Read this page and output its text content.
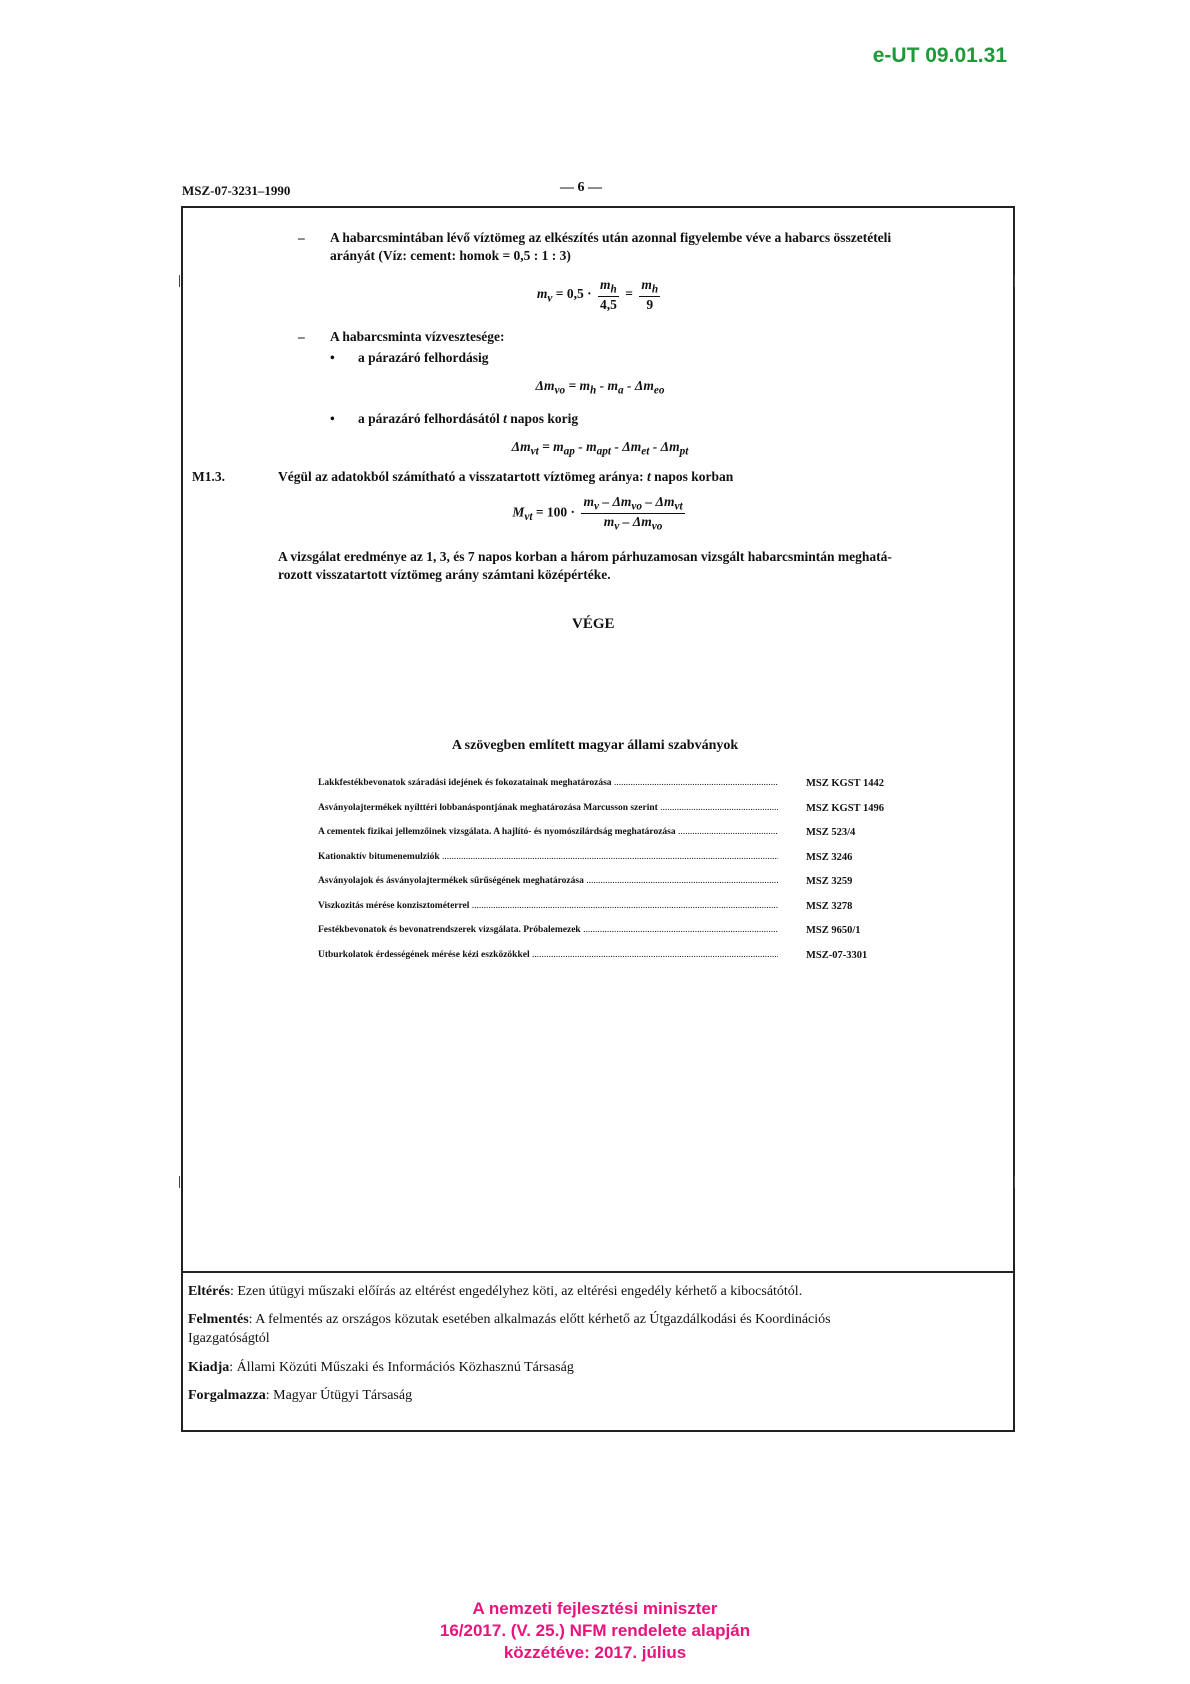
e-UT 09.01.31
MSZ-07-3231–1990	— 6 —
–	A habarcsmintában lévő víztömeg az elkészítés után azonnal figyelembe véve a habarcs összetételi
arányát (Víz: cement: homok = 0,5 : 1 : 3)
$m_v = 0,5 \cdot \frac{m_h}{4,5} = \frac{m_h}{9}$
–	A habarcsminta vízvesztesége:
•	a párazáró felhordásig
$\Delta m_{vo} = m_h - m_a - \Delta m_{eo}$
•	a párazáró felhordásától t napos korig
$\Delta m_{vt} = m_{ap} - m_{apt} - \Delta m_{et} - \Delta m_{pt}$
M1.3.	Végül az adatokból számítható a visszatartott víztömeg aránya: t napos korban
$M_{vt} = 100 \cdot \frac{m_v - \Delta m_{vo} - \Delta m_{vt}}{m_v - \Delta m_{vo}}$
A vizsgálat eredménye az 1, 3, és 7 napos korban a három párhuzamosan vizsgált habarcsmintán meghatá-
rozott visszatartott víztömeg arány számtani középértéke.
VÉGE
A szövegben említett magyar állami szabványok
Lakkfestékbevonatok száradási idejének és fokozatainak meghatározása .....	MSZ KGST 1442
Ásványolajtermékek nyílttéri lobbanáspontjának meghatározása Marcusson szerint .....	MSZ KGST 1496
A cementek fizikai jellemzőinek vizsgálata. A hajlító- és nyomószilárdság meghatározása .....	MSZ 523/4
Kationaktív bitumenemulziók .....	MSZ 3246
Ásványolajok és ásványolajtermékek sűrűségének meghatározása .....	MSZ 3259
Viszkozitás mérése konzisztométerrel .....	MSZ 3278
Festékbevonatok és bevonatrendszerek vizsgálata. Próbalemezek .....	MSZ 9650/1
Útburkolatok érdességének mérése kézi eszközökkel .....	MSZ-07-3301
Eltérés: Ezen útügyi műszaki előírás az eltérést engedélyhez köti, az eltérési engedély kérhető a kibocsátótól.
Felmentés: A felmentés az országos közutak esetében alkalmazás előtt kérhető az Útgazdálkodási és Koordinációs
Igazgatóságtól
Kiadja: Állami Közúti Műszaki és Információs Közhasznú Társaság
Forgalmazza: Magyar Útügyi Társaság
A nemzeti fejlesztési miniszter
16/2017. (V. 25.) NFM rendelete alapján
közzétéve: 2017. július
